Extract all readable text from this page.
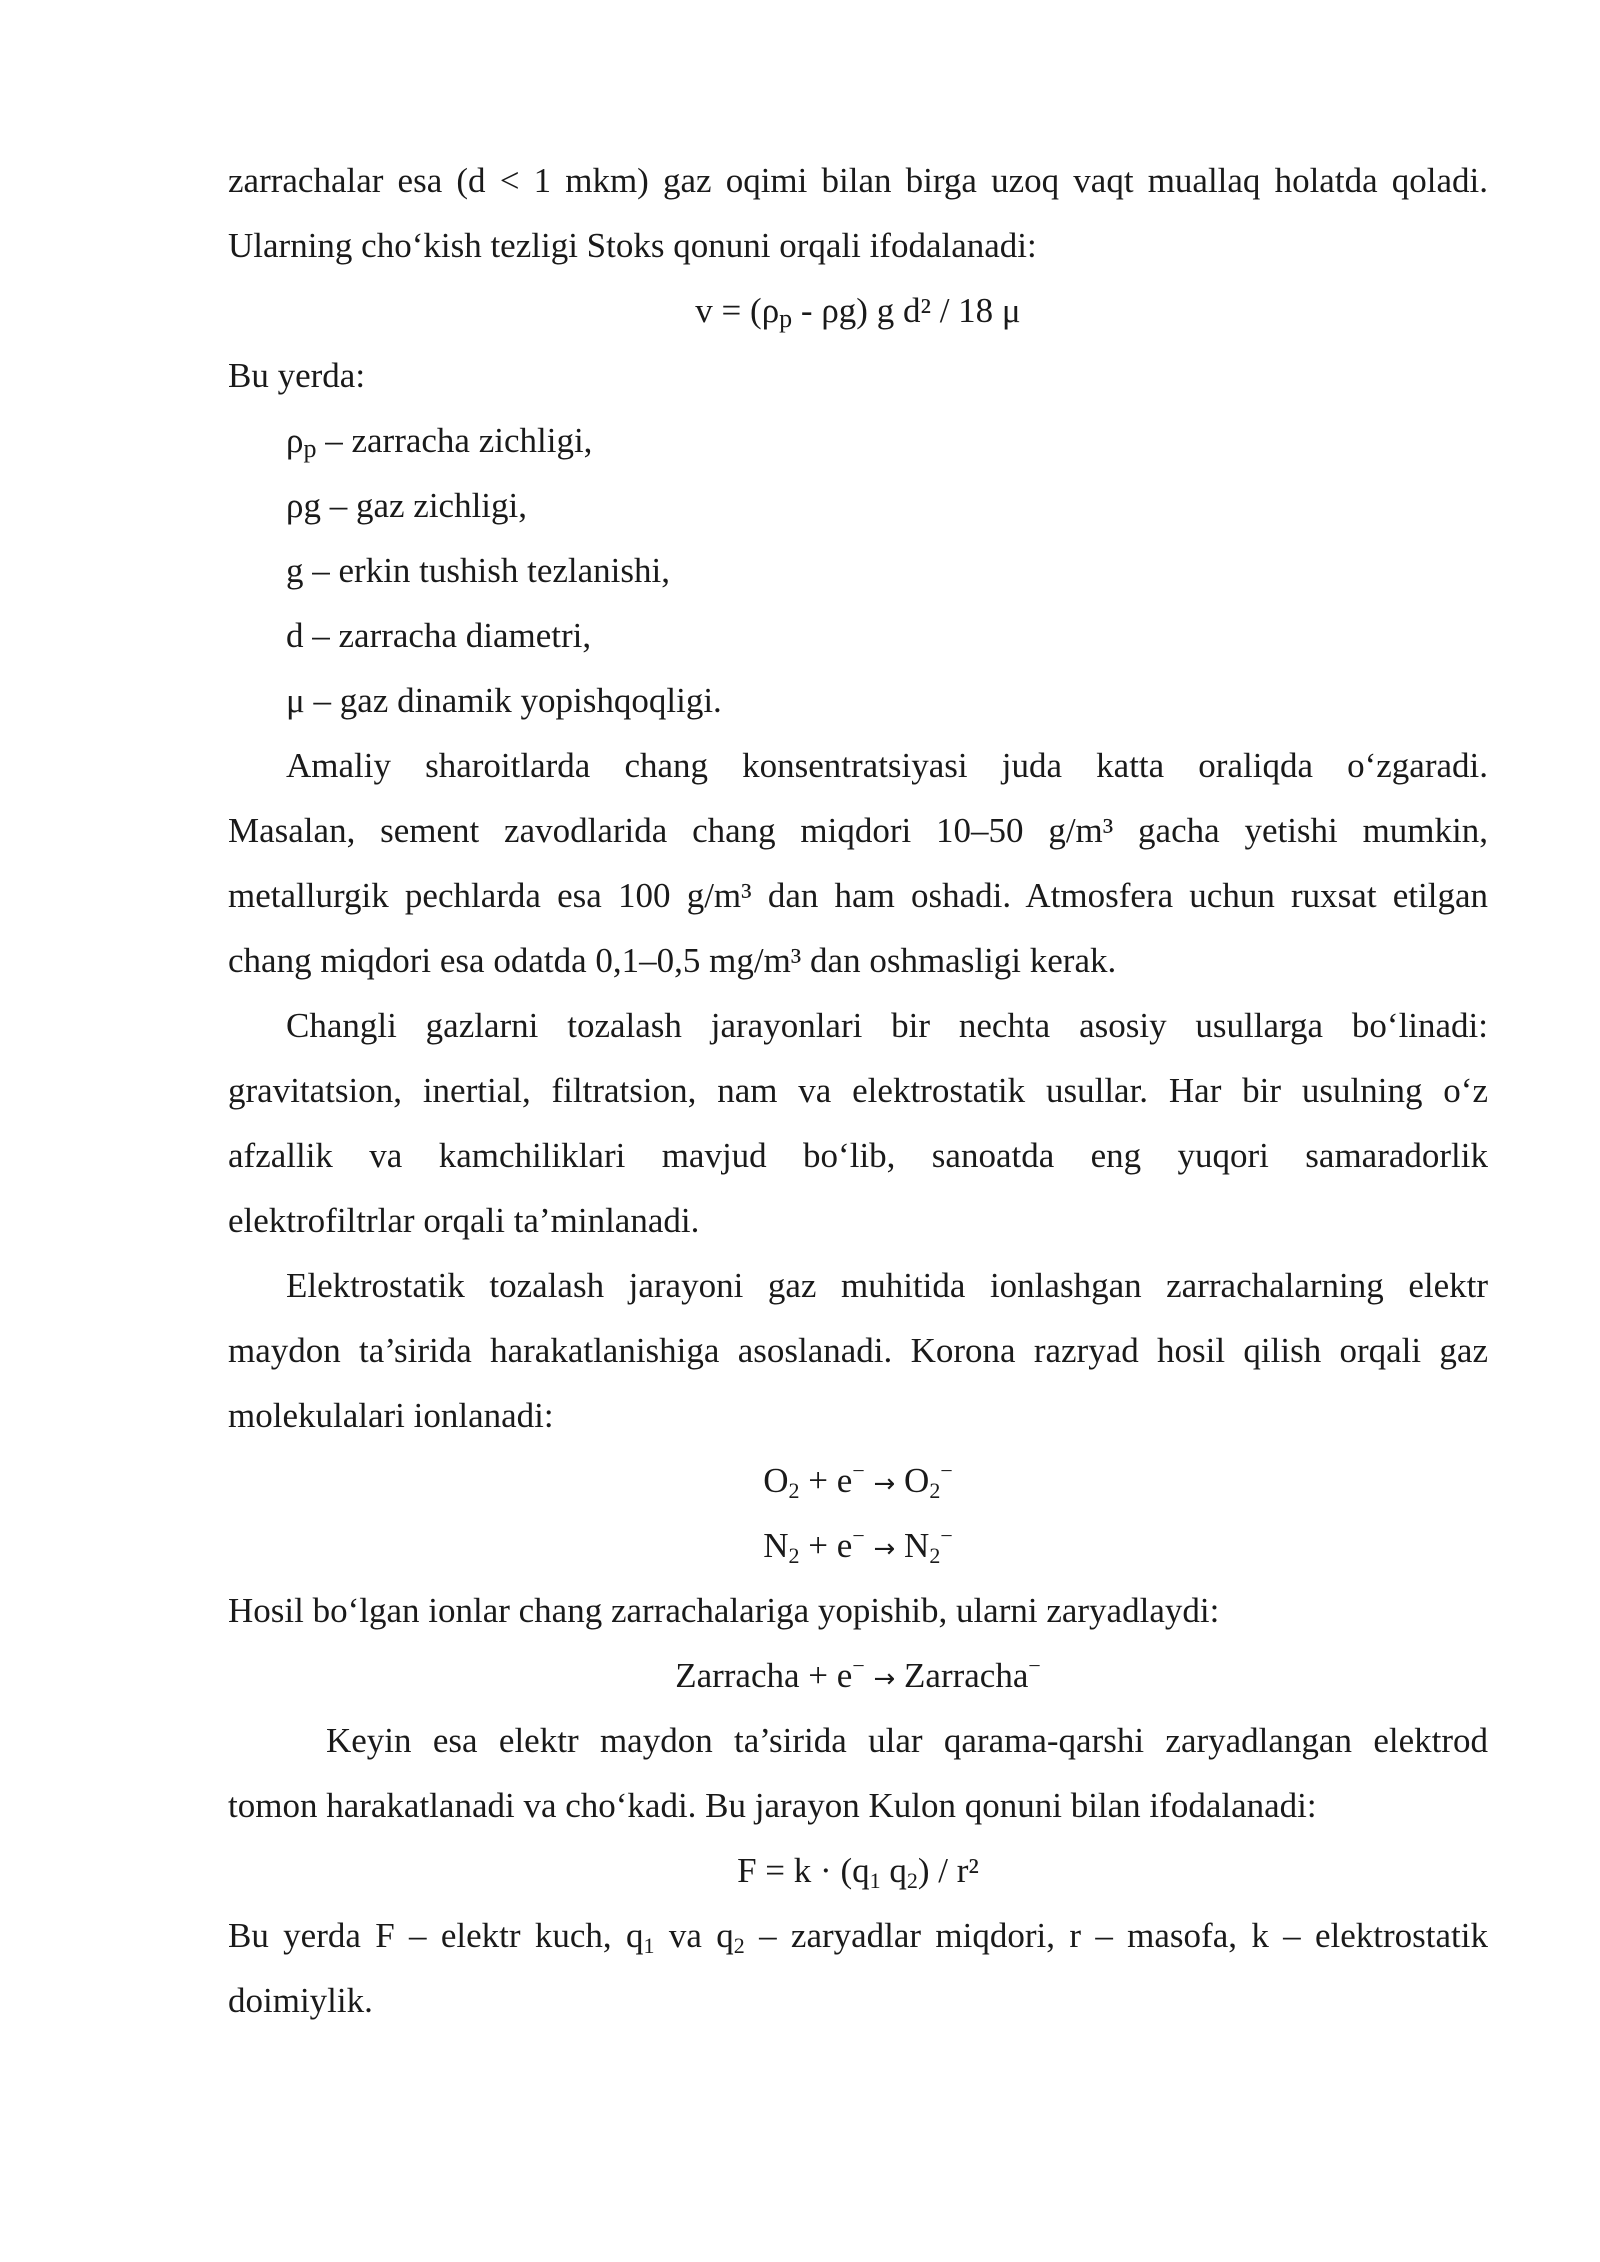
zarrachalar esa (d < 1 mkm) gaz oqimi bilan birga uzoq vaqt muallaq holatda qoladi.
Ularning cho‘kish tezligi Stoks qonuni orqali ifodalanadi:
v = (ρp - ρg) g d² / 18 μ
Bu yerda:
ρp – zarracha zichligi,
ρg – gaz zichligi,
g – erkin tushish tezlanishi,
d – zarracha diametri,
μ – gaz dinamik yopishqoqligi.
Amaliy sharoitlarda chang konsentratsiyasi juda katta oraliqda o‘zgaradi.
Masalan, sement zavodlarida chang miqdori 10–50 g/m³ gacha yetishi mumkin,
metallurgik pechlarda esa 100 g/m³ dan ham oshadi. Atmosfera uchun ruxsat etilgan
chang miqdori esa odatda 0,1–0,5 mg/m³ dan oshmasligi kerak.
Changli gazlarni tozalash jarayonlari bir nechta asosiy usullarga bo‘linadi:
gravitatsion, inertial, filtratsion, nam va elektrostatik usullar. Har bir usulning o‘z
afzallik va kamchiliklari mavjud bo‘lib, sanoatda eng yuqori samaradorlik
elektrofiltrlar orqali ta’minlanadi.
Elektrostatik tozalash jarayoni gaz muhitida ionlashgan zarrachalarning elektr
maydon ta’sirida harakatlanishiga asoslanadi. Korona razryad hosil qilish orqali gaz
molekulalari ionlanadi:
$O_2 + e^- \to O_2^-$
$N_2 + e^- \to N_2^-$
Hosil bo‘lgan ionlar chang zarrachalariga yopishib, ularni zaryadlaydi:
Zarracha + e− → Zarracha−
Keyin esa elektr maydon ta’sirida ular qarama-qarshi zaryadlangan elektrod
tomon harakatlanadi va cho‘kadi. Bu jarayon Kulon qonuni bilan ifodalanadi:
$F = k \cdot (q_1$ $q_2) / r^2$
Bu yerda F – elektr kuch, $q_1$ va $q_2$ – zaryadlar miqdori, r – masofa, k – elektrostatik
doimiylik.
